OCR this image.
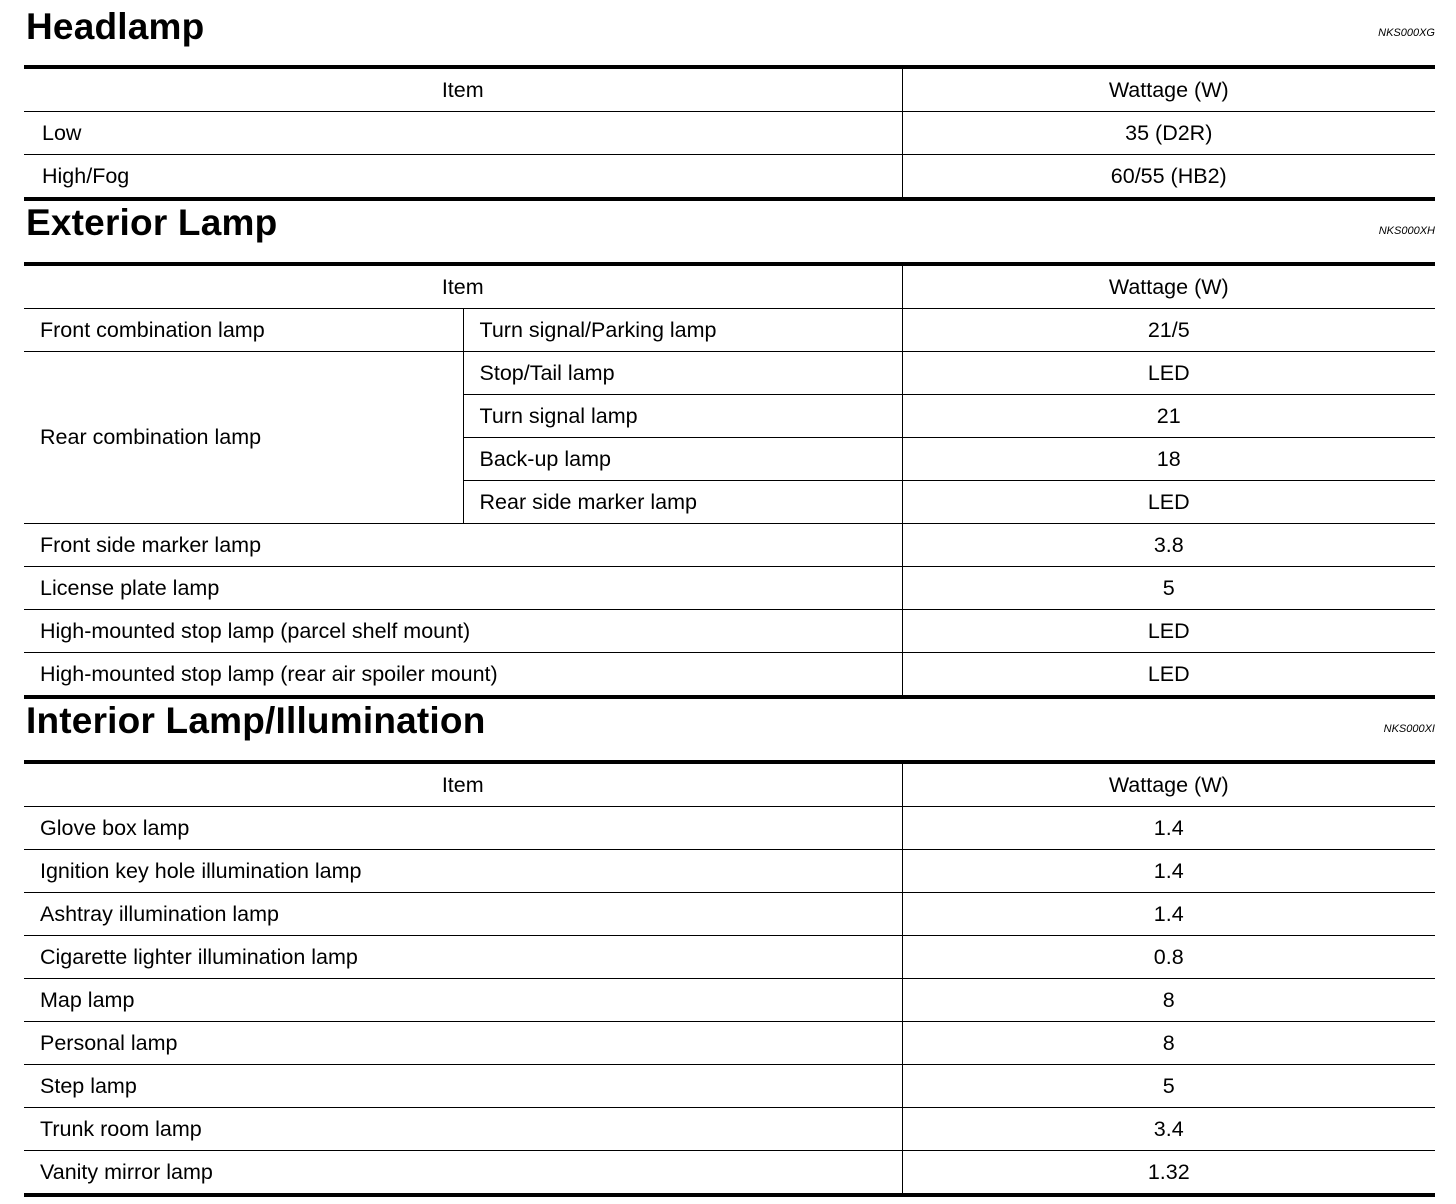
Headlamp	NKS000XG
Item	Wattage (W)
Low	35 (D2R)
High/Fog	60/55 (HB2)
Exterior Lamp	NKS000XH
Item		Wattage (W)
Front combination lamp	Turn signal/Parking lamp	21/5
Rear combination lamp	Stop/Tail lamp	LED
	Turn signal lamp	21
	Back-up lamp	18
	Rear side marker lamp	LED
Front side marker lamp		3.8
License plate lamp		5
High-mounted stop lamp (parcel shelf mount)		LED
High-mounted stop lamp (rear air spoiler mount)		LED
Interior Lamp/Illumination	NKS000XI
Item	Wattage (W)
Glove box lamp	1.4
Ignition key hole illumination lamp	1.4
Ashtray illumination lamp	1.4
Cigarette lighter illumination lamp	0.8
Map lamp	8
Personal lamp	8
Step lamp	5
Trunk room lamp	3.4
Vanity mirror lamp	1.32
